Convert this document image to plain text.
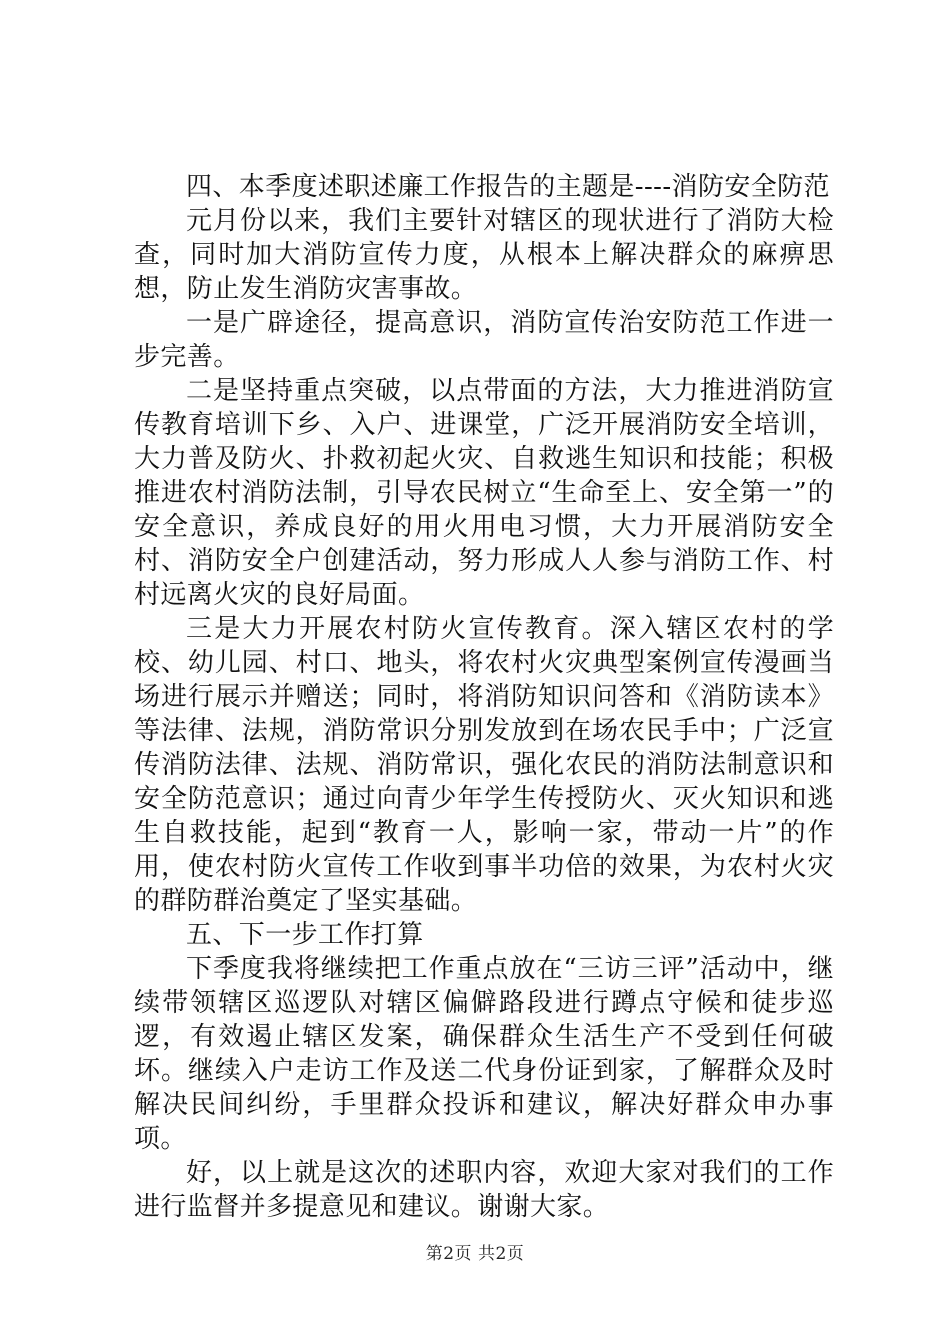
四、本季度述职述廉工作报告的主题是----消防安全防范

元月份以来，我们主要针对辖区的现状进行了消防大检查，同时加大消防宣传力度，从根本上解决群众的麻痹思想，防止发生消防灾害事故。

一是广辟途径，提高意识，消防宣传治安防范工作进一步完善。

二是坚持重点突破，以点带面的方法，大力推进消防宣传教育培训下乡、入户、进课堂，广泛开展消防安全培训，大力普及防火、扑救初起火灾、自救逃生知识和技能；积极推进农村消防法制，引导农民树立“生命至上、安全第一”的安全意识，养成良好的用火用电习惯，大力开展消防安全村、消防安全户创建活动，努力形成人人参与消防工作、村村远离火灾的良好局面。

三是大力开展农村防火宣传教育。深入辖区农村的学校、幼儿园、村口、地头，将农村火灾典型案例宣传漫画当场进行展示并赠送；同时，将消防知识问答和《消防读本》等法律、法规，消防常识分别发放到在场农民手中；广泛宣传消防法律、法规、消防常识，强化农民的消防法制意识和安全防范意识；通过向青少年学生传授防火、灭火知识和逃生自救技能，起到“教育一人，影响一家，带动一片”的作用，使农村防火宣传工作收到事半功倍的效果，为农村火灾的群防群治奠定了坚实基础。

五、下一步工作打算

下季度我将继续把工作重点放在“三访三评”活动中，继续带领辖区巡逻队对辖区偏僻路段进行蹲点守候和徒步巡逻，有效遏止辖区发案，确保群众生活生产不受到任何破坏。继续入户走访工作及送二代身份证到家，了解群众及时解决民间纠纷，手里群众投诉和建议，解决好群众申办事项。

好，以上就是这次的述职内容，欢迎大家对我们的工作进行监督并多提意见和建议。谢谢大家。

第2页 共2页
